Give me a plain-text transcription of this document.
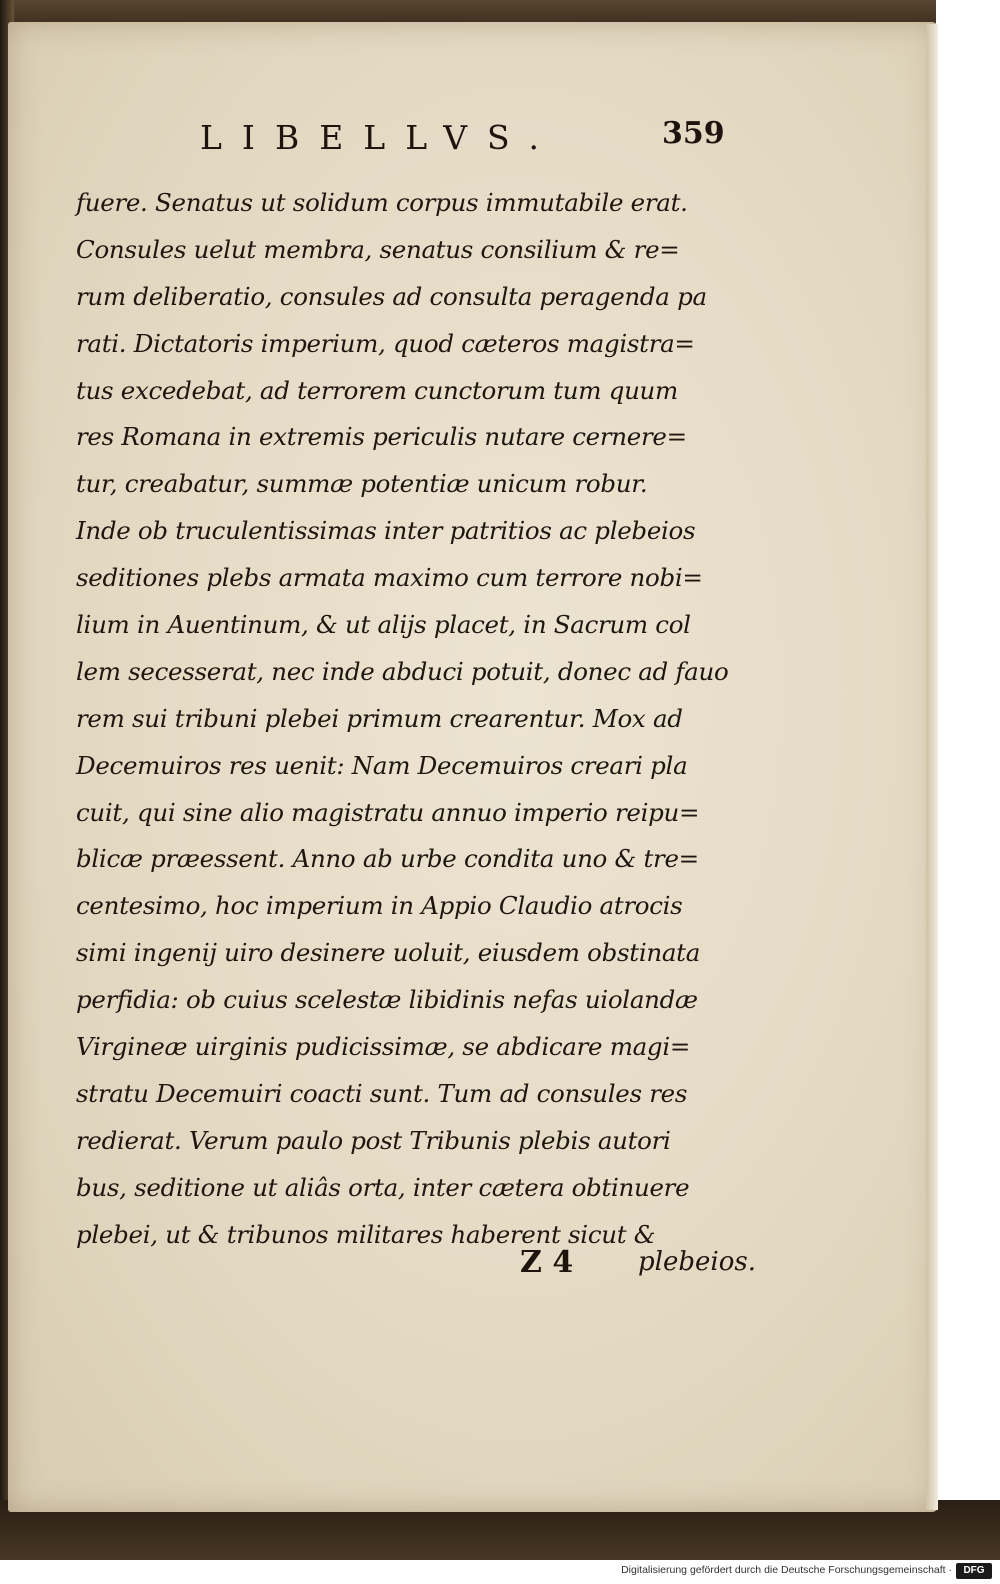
LIBELLVS.	359
fuere. Senatus ut solidum corpus immutabile erat.
Consules uelut membra, senatus consilium & re=
rum deliberatio, consules ad consulta peragenda pa
rati. Dictatoris imperium, quod cæteros magistra=
tus excedebat, ad terrorem cunctorum tum quum
res Romana in extremis periculis nutare cernere=
tur, creabatur, summæ potentiæ unicum robur.
Inde ob truculentissimas inter patritios ac plebeios
seditiones plebs armata maximo cum terrore nobi=
lium in Auentinum, & ut alijs placet, in Sacrum col
lem secesserat, nec inde abduci potuit, donec ad fauo
rem sui tribuni plebei primum crearentur. Mox ad
Decemuiros res uenit: Nam Decemuiros creari pla
cuit, qui sine alio magistratu annuo imperio reipu=
blicæ præessent. Anno ab urbe condita uno & tre=
centesimo, hoc imperium in Appio Claudio atrocis
simi ingenij uiro desinere uoluit, eiusdem obstinata
perfidia: ob cuius scelestæ libidinis nefas uiolandæ
Virgineæ uirginis pudicissimæ, se abdicare magi=
stratu Decemuiri coacti sunt. Tum ad consules res
redierat. Verum paulo post Tribunis plebis autori
bus, seditione ut aliâs orta, inter cætera obtinuere
plebei, ut & tribunos militares haberent sicut &
Z 4 plebeios.
Digitalisierung gefördert durch die Deutsche Forschungsgemeinschaft ·	DFG
